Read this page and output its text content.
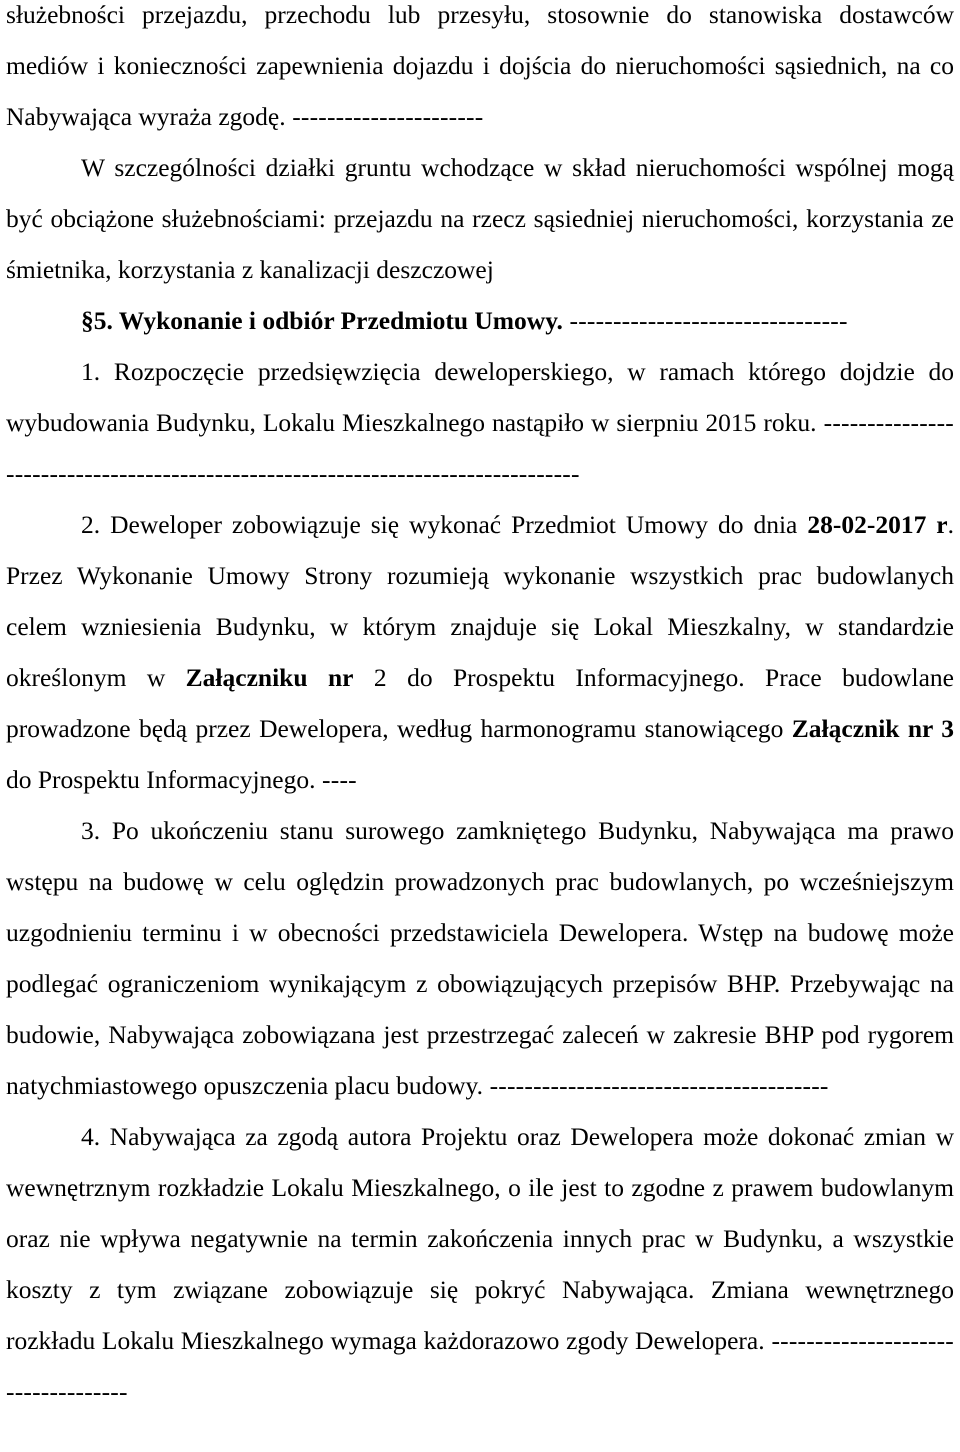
służebności przejazdu, przechodu lub przesyłu, stosownie do stanowiska dostawców mediów i konieczności zapewnienia dojazdu i dojścia do nieruchomości sąsiednich, na co Nabywająca wyraża zgodę. ----------------------

W szczególności działki gruntu wchodzące w skład nieruchomości wspólnej mogą być obciążone służebnościami: przejazdu na rzecz sąsiedniej nieruchomości, korzystania ze śmietnika, korzystania z kanalizacji deszczowej

§5. Wykonanie i odbiór Przedmiotu Umowy. --------------------------------

1. Rozpoczęcie przedsięwzięcia deweloperskiego, w ramach którego dojdzie do wybudowania Budynku, Lokalu Mieszkalnego nastąpiło w sierpniu 2015 roku. ---------------------------------------------------------------------------------

2. Deweloper zobowiązuje się wykonać Przedmiot Umowy do dnia 28-02-2017 r. Przez Wykonanie Umowy Strony rozumieją wykonanie wszystkich prac budowlanych celem wzniesienia Budynku, w którym znajduje się Lokal Mieszkalny, w standardzie określonym w Załączniku nr 2 do Prospektu Informacyjnego. Prace budowlane prowadzone będą przez Dewelopera, według harmonogramu stanowiącego Załącznik nr 3 do Prospektu Informacyjnego. ----

3. Po ukończeniu stanu surowego zamkniętego Budynku, Nabywająca ma prawo wstępu na budowę w celu oględzin prowadzonych prac budowlanych, po wcześniejszym uzgodnieniu terminu i w obecności przedstawiciela Dewelopera. Wstęp na budowę może podlegać ograniczeniom wynikającym z obowiązujących przepisów BHP. Przebywając na budowie, Nabywająca zobowiązana jest przestrzegać zaleceń w zakresie BHP pod rygorem natychmiastowego opuszczenia placu budowy. ---------------------------------------

4. Nabywająca za zgodą autora Projektu oraz Dewelopera może dokonać zmian w wewnętrznym rozkładzie Lokalu Mieszkalnego, o ile jest to zgodne z prawem budowlanym oraz nie wpływa negatywnie na termin zakończenia innych prac w Budynku, a wszystkie koszty z tym związane zobowiązuje się pokryć Nabywająca. Zmiana wewnętrznego rozkładu Lokalu Mieszkalnego wymaga każdorazowo zgody Dewelopera. -----------------------------------
